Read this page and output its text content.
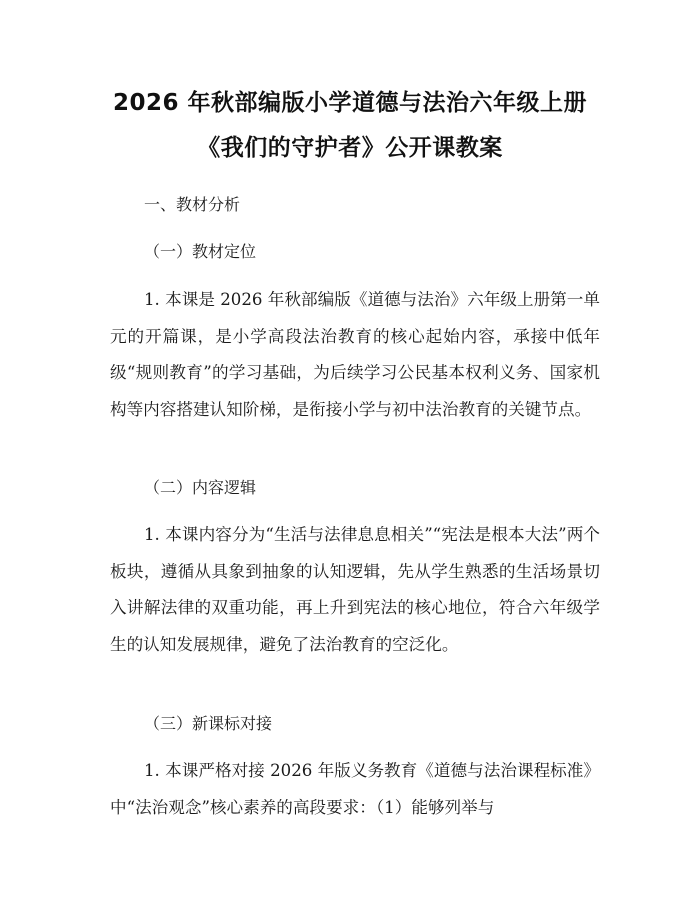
2026 年秋部编版小学道德与法治六年级上册
《我们的守护者》公开课教案
一、教材分析
（一）教材定位
1. 本课是 2026 年秋部编版《道德与法治》六年级上册第一单元的开篇课，是小学高段法治教育的核心起始内容，承接中低年级“规则教育”的学习基础，为后续学习公民基本权利义务、国家机构等内容搭建认知阶梯，是衔接小学与初中法治教育的关键节点。
（二）内容逻辑
1. 本课内容分为“生活与法律息息相关”“宪法是根本大法”两个板块，遵循从具象到抽象的认知逻辑，先从学生熟悉的生活场景切入讲解法律的双重功能，再上升到宪法的核心地位，符合六年级学生的认知发展规律，避免了法治教育的空泛化。
（三）新课标对接
1. 本课严格对接 2026 年版义务教育《道德与法治课程标准》中“法治观念”核心素养的高段要求：（1）能够列举与
